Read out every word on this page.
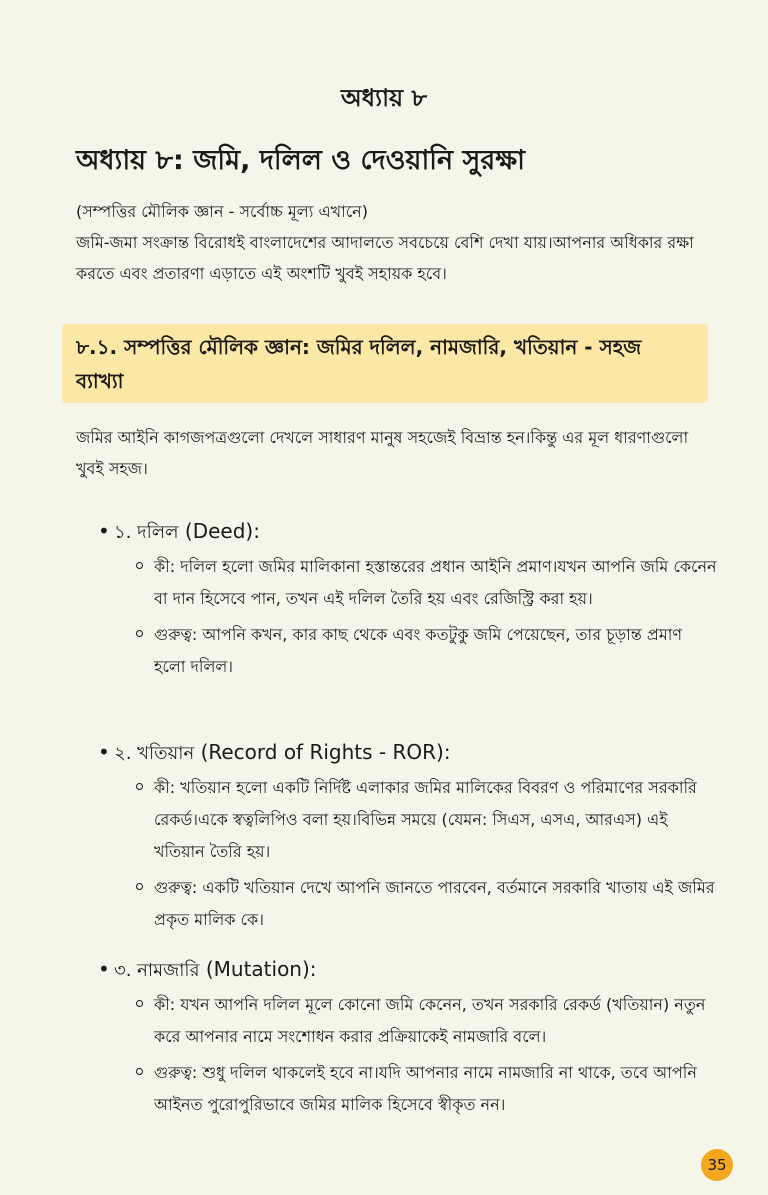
অধ্যায় ৮
অধ্যায় ৮: জমি, দলিল ও দেওয়ানি সুরক্ষা

(সম্পত্তির মৌলিক জ্ঞান - সর্বোচ্চ মূল্য এখানে)

জমি-জমা সংক্রান্ত বিরোধই বাংলাদেশের আদালতে সবচেয়ে বেশি দেখা যায়।আপনার অধিকার রক্ষা করতে এবং প্রতারণা এড়াতে এই অংশটি খুবই সহায়ক হবে।

৮.১. সম্পত্তির মৌলিক জ্ঞান: জমির দলিল, নামজারি, খতিয়ান - সহজ ব্যাখ্যা

জমির আইনি কাগজপত্রগুলো দেখলে সাধারণ মানুষ সহজেই বিভ্রান্ত হন।কিন্তু এর মূল ধারণাগুলো খুবই সহজ।

• ১. দলিল (Deed):
কী: দলিল হলো জমির মালিকানা হস্তান্তরের প্রধান আইনি প্রমাণ।যখন আপনি জমি কেনেন বা দান হিসেবে পান, তখন এই দলিল তৈরি হয় এবং রেজিস্ট্রি করা হয়।
গুরুত্ব: আপনি কখন, কার কাছ থেকে এবং কতটুকু জমি পেয়েছেন, তার চূড়ান্ত প্রমাণ হলো দলিল।
• ২. খতিয়ান (Record of Rights - ROR):
কী: খতিয়ান হলো একটি নির্দিষ্ট এলাকার জমির মালিকের বিবরণ ও পরিমাণের সরকারি রেকর্ড।একে স্বত্বলিপিও বলা হয়।বিভিন্ন সময়ে (যেমন: সিএস, এসএ, আরএস) এই খতিয়ান তৈরি হয়।
গুরুত্ব: একটি খতিয়ান দেখে আপনি জানতে পারবেন, বর্তমানে সরকারি খাতায় এই জমির প্রকৃত মালিক কে।
• ৩. নামজারি (Mutation):
কী: যখন আপনি দলিল মূলে কোনো জমি কেনেন, তখন সরকারি রেকর্ড (খতিয়ান) নতুন করে আপনার নামে সংশোধন করার প্রক্রিয়াকেই নামজারি বলে।
গুরুত্ব: শুধু দলিল থাকলেই হবে না।যদি আপনার নামে নামজারি না থাকে, তবে আপনি আইনত পুরোপুরিভাবে জমির মালিক হিসেবে স্বীকৃত নন।
35
